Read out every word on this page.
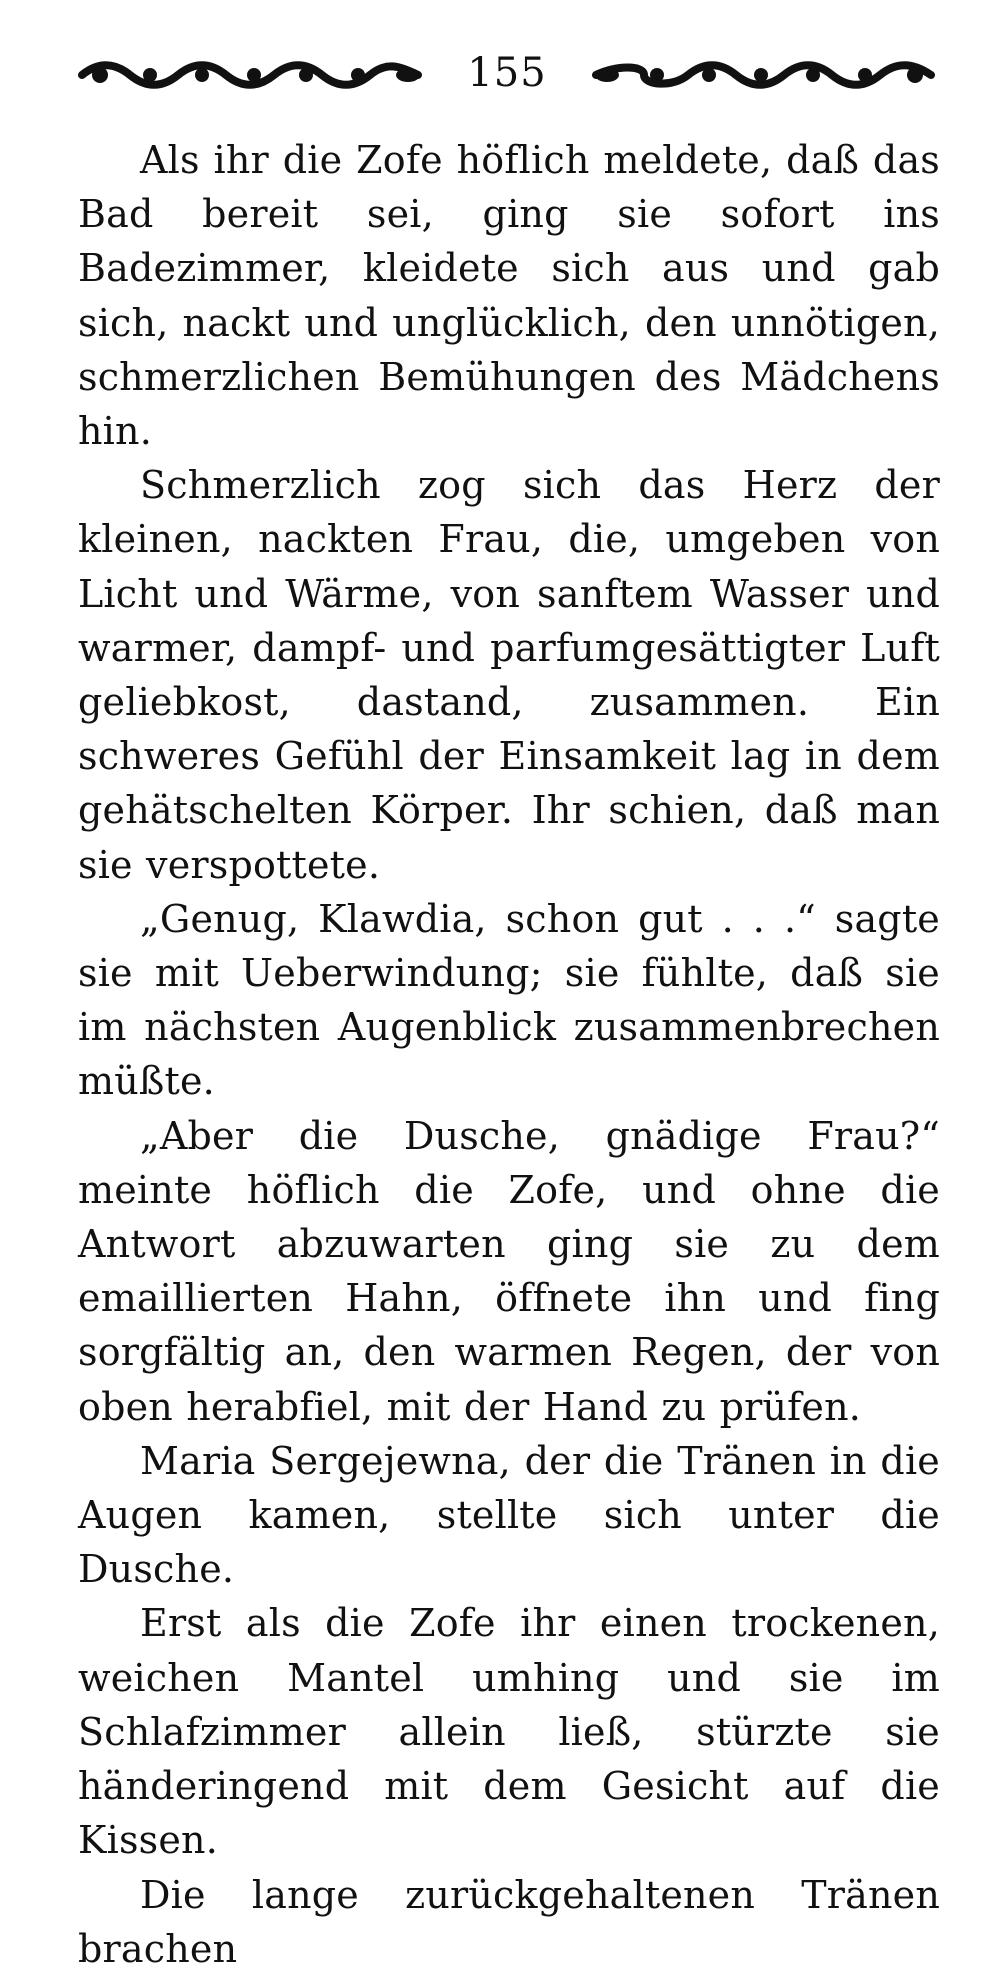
155

Als ihr die Zofe höflich meldete, daß das Bad bereit sei, ging sie sofort ins Badezimmer, kleidete sich aus und gab sich, nackt und unglücklich, den unnötigen, schmerzlichen Bemühungen des Mädchens hin.

Schmerzlich zog sich das Herz der kleinen, nackten Frau, die, umgeben von Licht und Wärme, von sanftem Wasser und warmer, dampf- und parfumgesättigter Luft geliebkost, dastand, zusammen. Ein schweres Gefühl der Einsamkeit lag in dem gehätschelten Körper. Ihr schien, daß man sie verspottete.

„Genug, Klawdia, schon gut . . .“ sagte sie mit Ueberwindung; sie fühlte, daß sie im nächsten Augenblick zusammenbrechen müßte.

„Aber die Dusche, gnädige Frau?“ meinte höflich die Zofe, und ohne die Antwort abzuwarten ging sie zu dem emaillierten Hahn, öffnete ihn und fing sorgfältig an, den warmen Regen, der von oben herabfiel, mit der Hand zu prüfen.

Maria Sergejewna, der die Tränen in die Augen kamen, stellte sich unter die Dusche.

Erst als die Zofe ihr einen trockenen, weichen Mantel umhing und sie im Schlafzimmer allein ließ, stürzte sie händeringend mit dem Gesicht auf die Kissen.

Die lange zurückgehaltenen Tränen brachen
